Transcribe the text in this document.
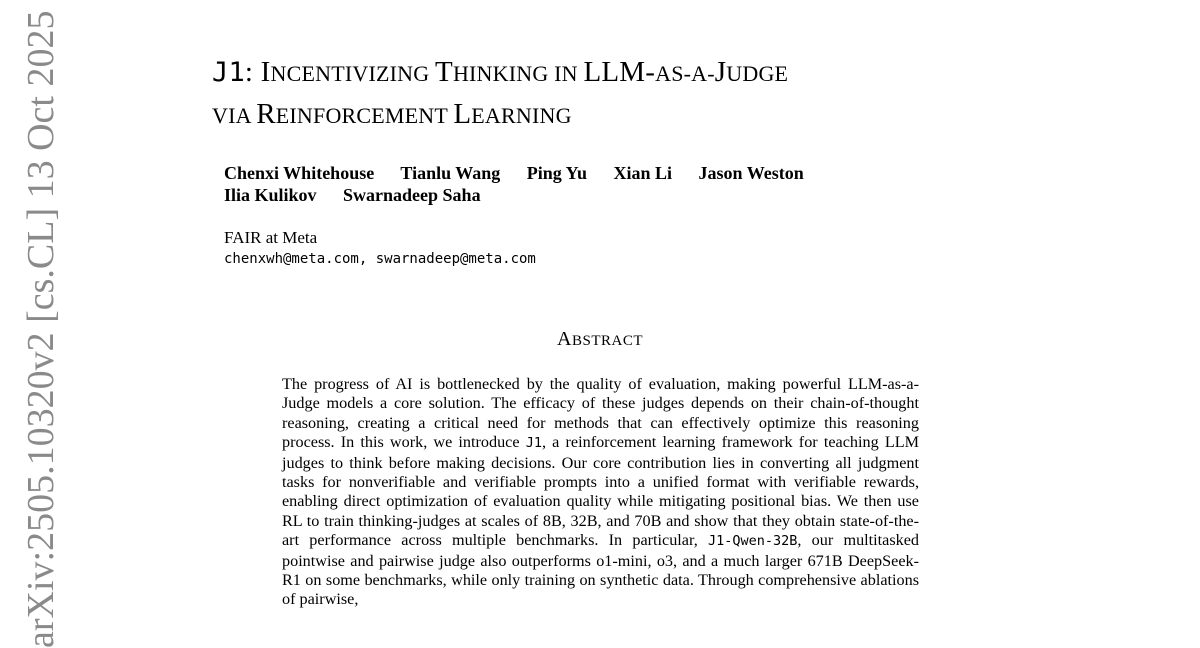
J1: INCENTIVIZING THINKING IN LLM-AS-A-JUDGE
VIA REINFORCEMENT LEARNING
Chenxi Whitehouse Tianlu Wang Ping Yu Xian Li Jason Weston
Ilia Kulikov Swarnadeep Saha
FAIR at Meta
chenxwh@meta.com, swarnadeep@meta.com
ABSTRACT
The progress of AI is bottlenecked by the quality of evaluation, making powerful LLM-as-a-Judge models a core solution. The efficacy of these judges depends on their chain-of-thought reasoning, creating a critical need for methods that can effectively optimize this reasoning process. In this work, we introduce J1, a reinforcement learning framework for teaching LLM judges to think before making decisions. Our core contribution lies in converting all judgment tasks for nonverifiable and verifiable prompts into a unified format with verifiable rewards, enabling direct optimization of evaluation quality while mitigating positional bias. We then use RL to train thinking-judges at scales of 8B, 32B, and 70B and show that they obtain state-of-the-art performance across multiple benchmarks. In particular, J1-Qwen-32B, our multitasked pointwise and pairwise judge also outperforms o1-mini, o3, and a much larger 671B DeepSeek-R1 on some benchmarks, while only training on synthetic data. Through comprehensive ablations of pairwise,
arXiv:2505.10320v2 [cs.CL] 13 Oct 2025
